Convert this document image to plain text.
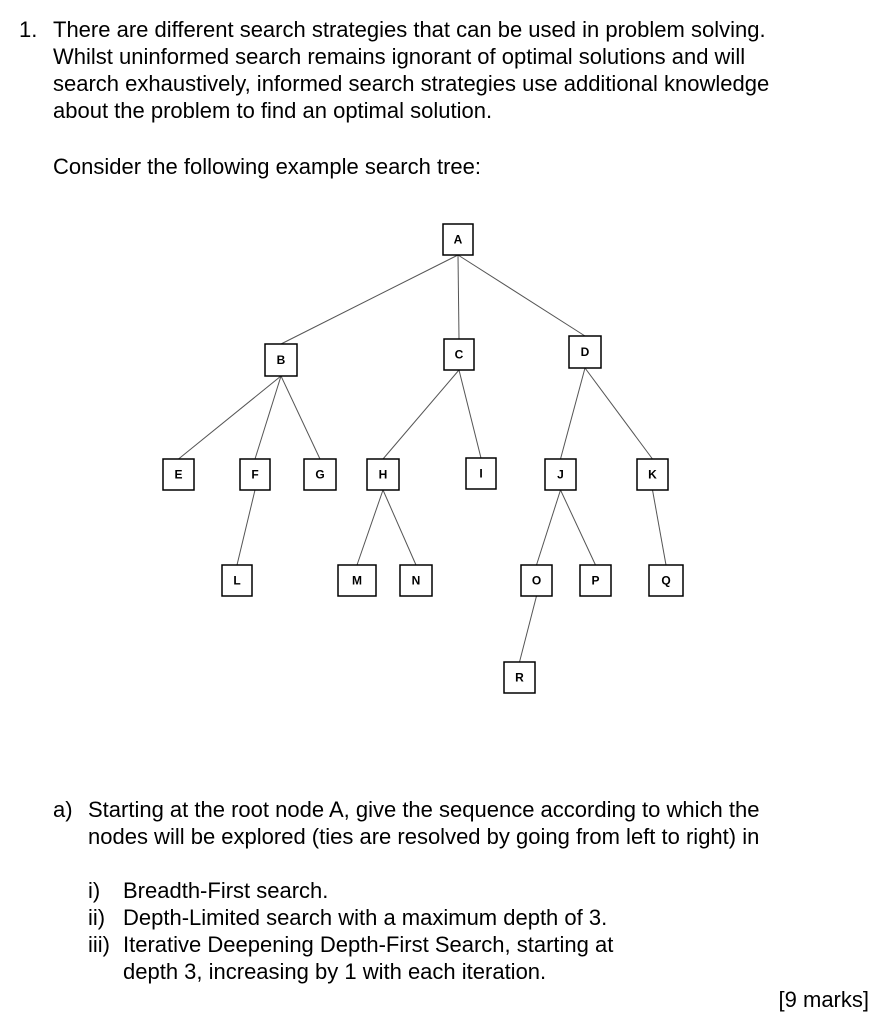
1. There are different search strategies that can be used in problem solving.
Whilst uninformed search remains ignorant of optimal solutions and will
search exhaustively, informed search strategies use additional knowledge
about the problem to find an optimal solution.
Consider the following example search tree:
A
B	C	D
E	F	G	H	I	J	K
L	M	N	O	P	Q
R
a) Starting at the root node A, give the sequence according to which the
nodes will be explored (ties are resolved by going from left to right) in
i) Breadth-First search.
ii) Depth-Limited search with a maximum depth of 3.
iii) Iterative Deepening Depth-First Search, starting at
depth 3, increasing by 1 with each iteration.
[9 marks]
